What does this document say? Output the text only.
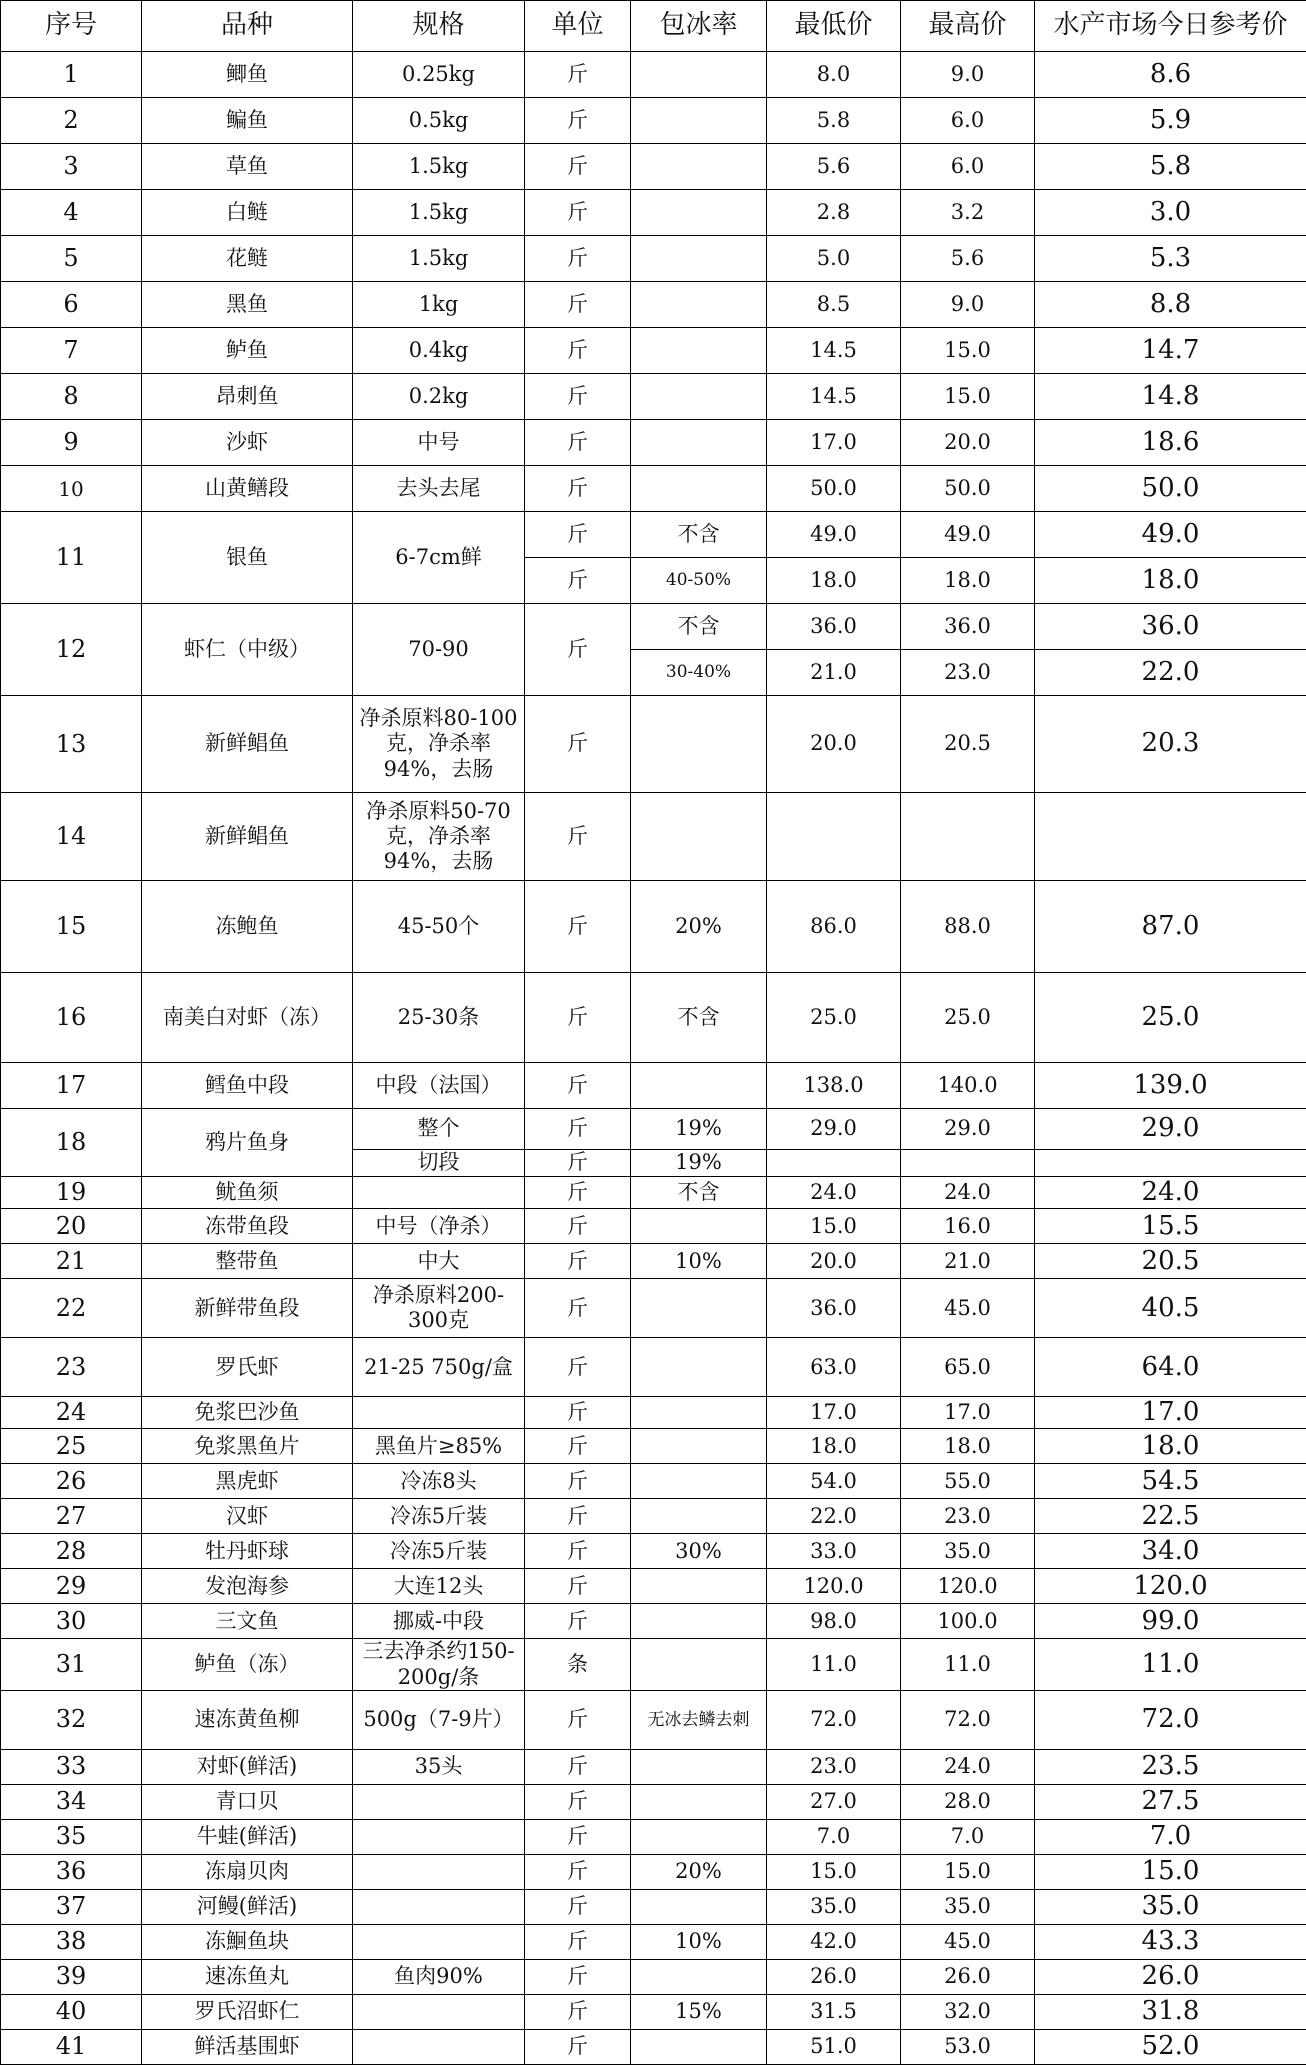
序号	品种	规格	单位	包冰率	最低价	最高价	水产市场今日参考价
1	鲫鱼	0.25kg	斤		8.0	9.0	8.6
2	鳊鱼	0.5kg	斤		5.8	6.0	5.9
3	草鱼	1.5kg	斤		5.6	6.0	5.8
4	白鲢	1.5kg	斤		2.8	3.2	3.0
5	花鲢	1.5kg	斤		5.0	5.6	5.3
6	黑鱼	1kg	斤		8.5	9.0	8.8
7	鲈鱼	0.4kg	斤		14.5	15.0	14.7
8	昂刺鱼	0.2kg	斤		14.5	15.0	14.8
9	沙虾	中号	斤		17.0	20.0	18.6
10	山黄鳝段	去头去尾	斤		50.0	50.0	50.0
11	银鱼	6-7cm鲜	斤	不含	49.0	49.0	49.0
			斤	40-50%	18.0	18.0	18.0
12	虾仁（中级）	70-90	斤	不含	36.0	36.0	36.0
				30-40%	21.0	23.0	22.0
13	新鲜鲳鱼	净杀原料80-100克，净杀率94%，去肠	斤		20.0	20.5	20.3
14	新鲜鲳鱼	净杀原料50-70克，净杀率94%，去肠	斤				
15	冻鲍鱼	45-50个	斤	20%	86.0	88.0	87.0
16	南美白对虾（冻）	25-30条	斤	不含	25.0	25.0	25.0
17	鳕鱼中段	中段（法国）	斤		138.0	140.0	139.0
18	鸦片鱼身	整个	斤	19%	29.0	29.0	29.0
		切段	斤	19%			
19	鱿鱼须		斤	不含	24.0	24.0	24.0
20	冻带鱼段	中号（净杀）	斤		15.0	16.0	15.5
21	整带鱼	中大	斤	10%	20.0	21.0	20.5
22	新鲜带鱼段	净杀原料200-300克	斤		36.0	45.0	40.5
23	罗氏虾	21-25 750g/盒	斤		63.0	65.0	64.0
24	免浆巴沙鱼		斤		17.0	17.0	17.0
25	免浆黑鱼片	黑鱼片≥85%	斤		18.0	18.0	18.0
26	黑虎虾	冷冻8头	斤		54.0	55.0	54.5
27	汉虾	冷冻5斤装	斤		22.0	23.0	22.5
28	牡丹虾球	冷冻5斤装	斤	30%	33.0	35.0	34.0
29	发泡海参	大连12头	斤		120.0	120.0	120.0
30	三文鱼	挪威-中段	斤		98.0	100.0	99.0
31	鲈鱼（冻）	三去净杀约150-200g/条	条		11.0	11.0	11.0
32	速冻黄鱼柳	500g（7-9片）	斤	无冰去鳞去刺	72.0	72.0	72.0
33	对虾(鲜活)	35头	斤		23.0	24.0	23.5
34	青口贝		斤		27.0	28.0	27.5
35	牛蛙(鲜活)		斤		7.0	7.0	7.0
36	冻扇贝肉		斤	20%	15.0	15.0	15.0
37	河鳗(鲜活)		斤		35.0	35.0	35.0
38	冻鮰鱼块		斤	10%	42.0	45.0	43.3
39	速冻鱼丸	鱼肉90%	斤		26.0	26.0	26.0
40	罗氏沼虾仁		斤	15%	31.5	32.0	31.8
41	鲜活基围虾		斤		51.0	53.0	52.0
